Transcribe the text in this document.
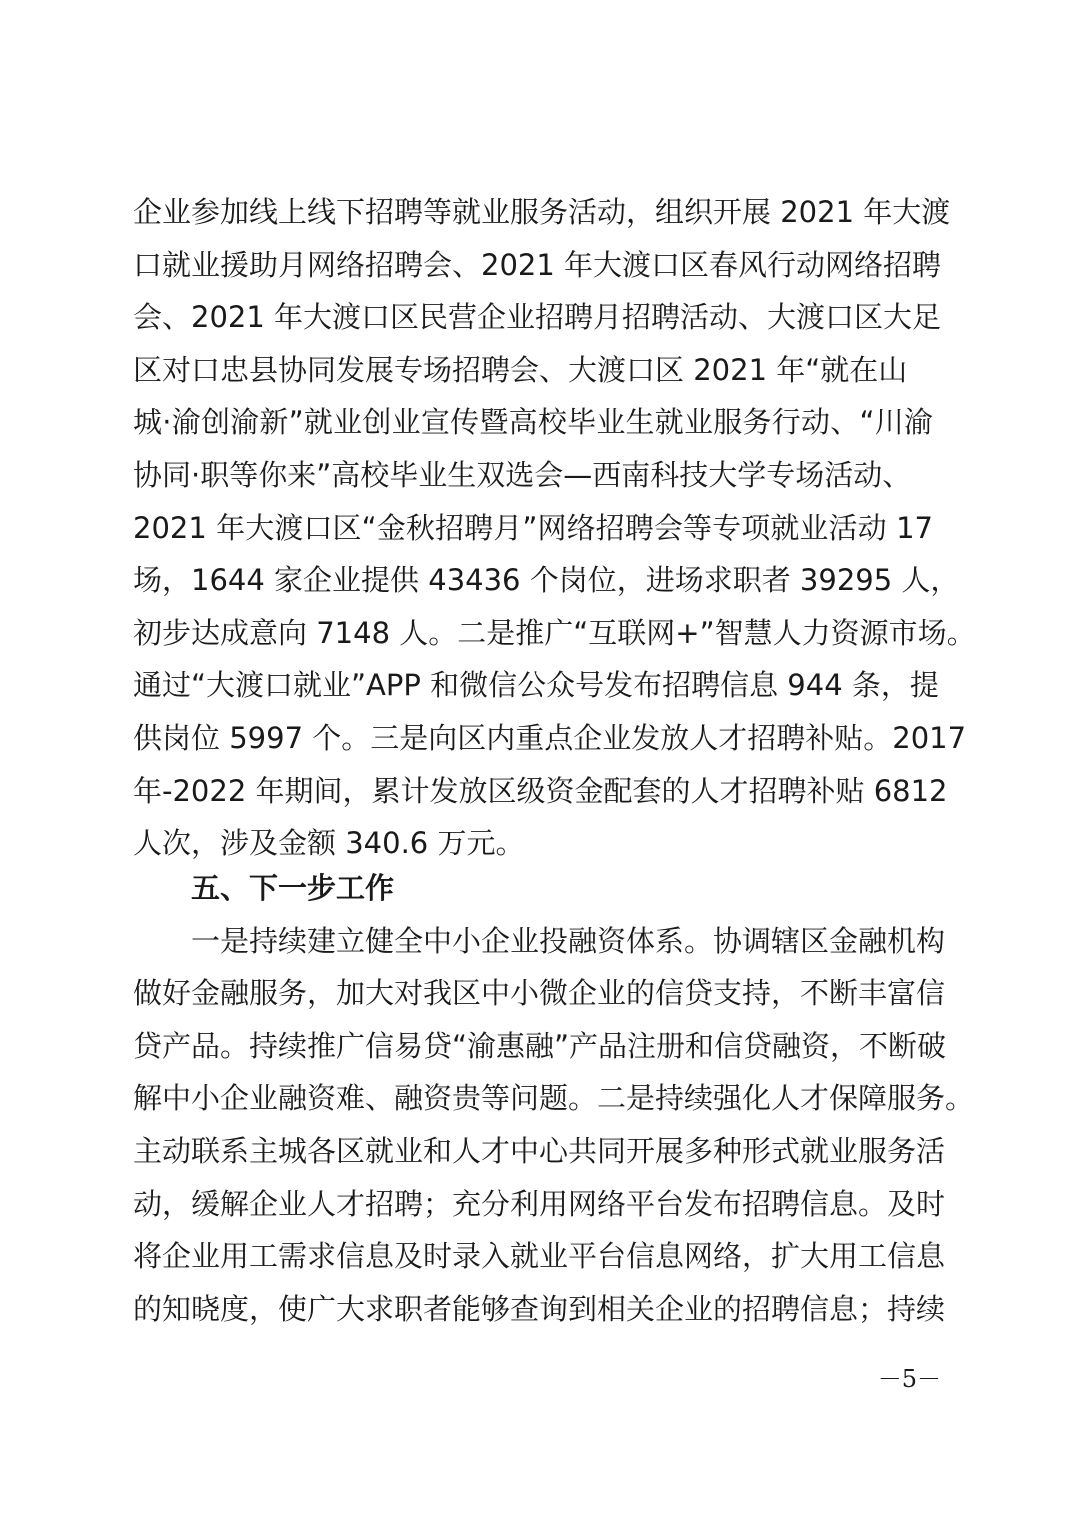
企业参加线上线下招聘等就业服务活动，组织开展 2021 年大渡
口就业援助月网络招聘会、2021 年大渡口区春风行动网络招聘
会、2021 年大渡口区民营企业招聘月招聘活动、大渡口区大足
区对口忠县协同发展专场招聘会、大渡口区 2021 年“就在山
城·渝创渝新”就业创业宣传暨高校毕业生就业服务行动、“川渝
协同·职等你来”高校毕业生双选会—西南科技大学专场活动、
2021 年大渡口区“金秋招聘月”网络招聘会等专项就业活动 17
场，1644 家企业提供 43436 个岗位，进场求职者 39295 人，
初步达成意向 7148 人。二是推广“互联网+”智慧人力资源市场。
通过“大渡口就业”APP 和微信公众号发布招聘信息 944 条，提
供岗位 5997 个。三是向区内重点企业发放人才招聘补贴。2017
年-2022 年期间，累计发放区级资金配套的人才招聘补贴 6812
人次，涉及金额 340.6 万元。
五、下一步工作
一是持续建立健全中小企业投融资体系。协调辖区金融机构
做好金融服务，加大对我区中小微企业的信贷支持，不断丰富信
贷产品。持续推广信易贷“渝惠融”产品注册和信贷融资，不断破
解中小企业融资难、融资贵等问题。二是持续强化人才保障服务。
主动联系主城各区就业和人才中心共同开展多种形式就业服务活
动，缓解企业人才招聘；充分利用网络平台发布招聘信息。及时
将企业用工需求信息及时录入就业平台信息网络，扩大用工信息
的知晓度，使广大求职者能够查询到相关企业的招聘信息；持续
－5－
